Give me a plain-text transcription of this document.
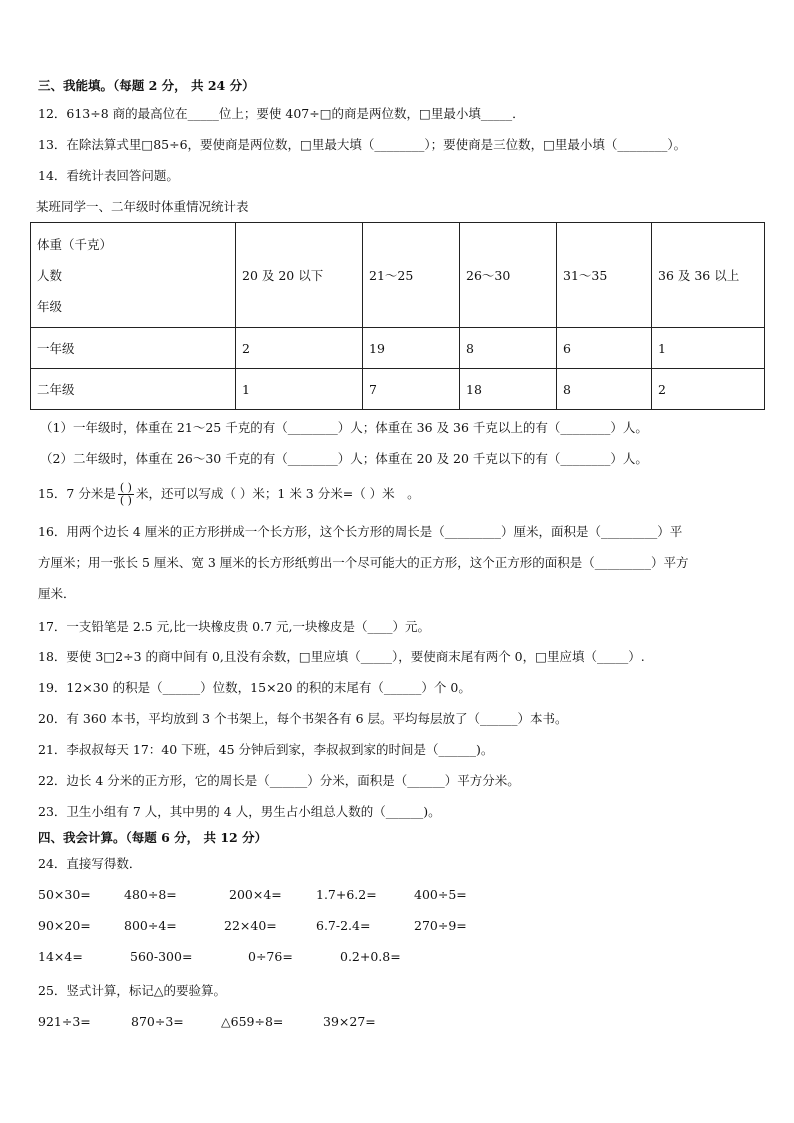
三、我能填。（每题 2 分， 共 24 分）
12．613÷8 商的最高位在_____位上；要使 407÷□的商是两位数，□里最小填_____．
13．在除法算式里□85÷6，要使商是两位数，□里最大填（________）；要使商是三位数，□里最小填（________）。
14．看统计表回答问题。
某班同学一、二年级时体重情况统计表
体重（千克）
人数
年级	20 及 20 以下	21～25	26～30	31～35	36 及 36 以上
一年级	2	19	8	6	1
二年级	1	7	18	8	2
（1）一年级时，体重在 21～25 千克的有（________）人；体重在 36 及 36 千克以上的有（________）人。
（2）二年级时，体重在 26～30 千克的有（________）人；体重在 20 及 20 千克以下的有（________）人。
15．7 分米是 $\frac{( )}{( )}$ 米，还可以写成（ ）米；1 米 3 分米=（ ）米　。
16．用两个边长 4 厘米的正方形拼成一个长方形，这个长方形的周长是（_________）厘米，面积是（_________）平
方厘米；用一张长 5 厘米、宽 3 厘米的长方形纸剪出一个尽可能大的正方形，这个正方形的面积是（_________）平方
厘米．
17．一支铅笔是 2.5 元,比一块橡皮贵 0.7 元,一块橡皮是（____）元。
18．要使 3□2÷3 的商中间有 0,且没有余数，□里应填（_____），要使商末尾有两个 0，□里应填（_____）.
19．12×30 的积是（______）位数，15×20 的积的末尾有（______）个 0。
20．有 360 本书，平均放到 3 个书架上，每个书架各有 6 层。平均每层放了（______）本书。
21．李叔叔每天 17：40 下班，45 分钟后到家，李叔叔到家的时间是（______)。
22．边长 4 分米的正方形，它的周长是（______）分米，面积是（______）平方分米。
23．卫生小组有 7 人，其中男的 4 人，男生占小组总人数的（______)。
四、我会计算。（每题 6 分， 共 12 分）
24．直接写得数．
50×30=	480÷8=	200×4=	1.7+6.2=	400÷5=
90×20=	800÷4=	22×40=	6.7-2.4=	270÷9=
14×4=	560-300=	0÷76=	0.2+0.8=
25．竖式计算，标记△的要验算。
921÷3=	870÷3=	△659÷8=	39×27=
